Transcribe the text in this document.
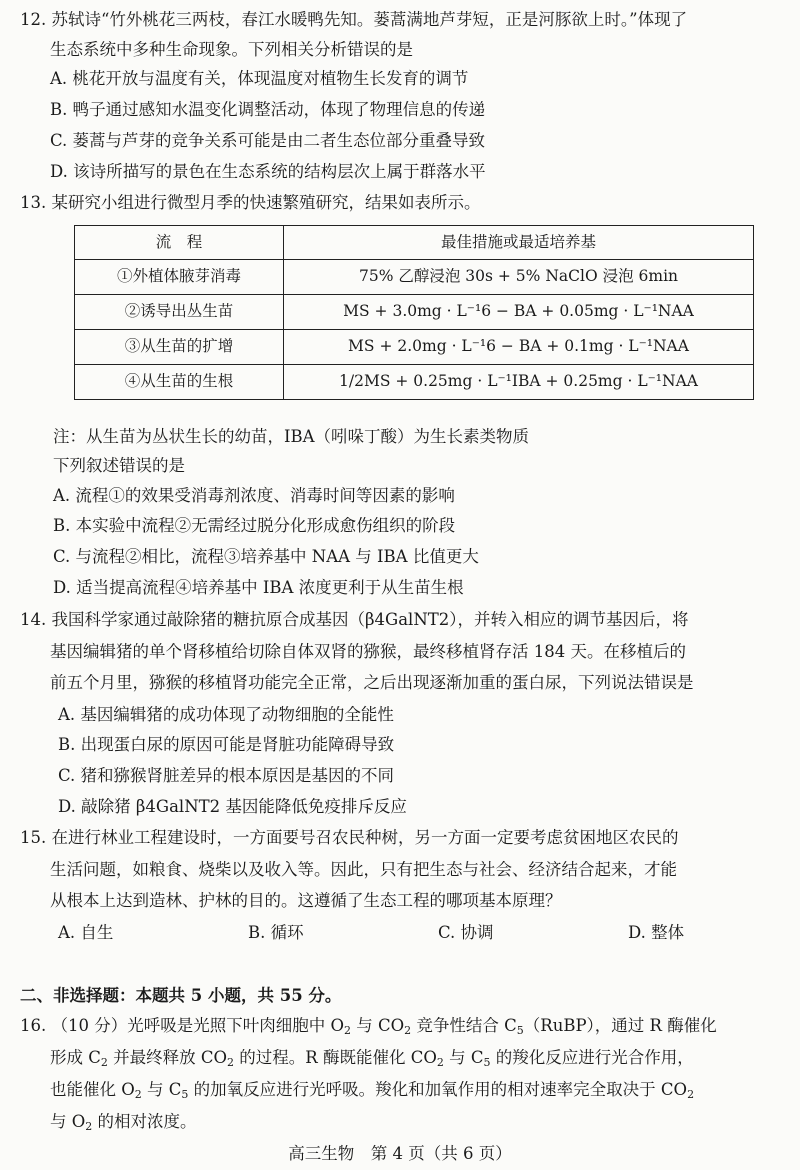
12. 苏轼诗“竹外桃花三两枝，春江水暖鸭先知。蒌蒿满地芦芽短，正是河豚欲上时。”体现了
生态系统中多种生命现象。下列相关分析错误的是
A. 桃花开放与温度有关，体现温度对植物生长发育的调节
B. 鸭子通过感知水温变化调整活动，体现了物理信息的传递
C. 蒌蒿与芦芽的竞争关系可能是由二者生态位部分重叠导致
D. 该诗所描写的景色在生态系统的结构层次上属于群落水平
13. 某研究小组进行微型月季的快速繁殖研究，结果如表所示。
流　程	最佳措施或最适培养基
①外植体腋芽消毒	75% 乙醇浸泡 30s + 5% NaClO 浸泡 6min
②诱导出丛生苗	MS + 3.0mg · L⁻¹6 − BA + 0.05mg · L⁻¹NAA
③从生苗的扩增	MS + 2.0mg · L⁻¹6 − BA + 0.1mg · L⁻¹NAA
④从生苗的生根	1/2MS + 0.25mg · L⁻¹IBA + 0.25mg · L⁻¹NAA
注：从生苗为丛状生长的幼苗，IBA（吲哚丁酸）为生长素类物质
下列叙述错误的是
A. 流程①的效果受消毒剂浓度、消毒时间等因素的影响
B. 本实验中流程②无需经过脱分化形成愈伤组织的阶段
C. 与流程②相比，流程③培养基中 NAA 与 IBA 比值更大
D. 适当提高流程④培养基中 IBA 浓度更利于从生苗生根
14. 我国科学家通过敲除猪的糖抗原合成基因（β4GalNT2），并转入相应的调节基因后，将
基因编辑猪的单个肾移植给切除自体双肾的猕猴，最终移植肾存活 184 天。在移植后的
前五个月里，猕猴的移植肾功能完全正常，之后出现逐渐加重的蛋白尿，下列说法错误是
A. 基因编辑猪的成功体现了动物细胞的全能性
B. 出现蛋白尿的原因可能是肾脏功能障碍导致
C. 猪和猕猴肾脏差异的根本原因是基因的不同
D. 敲除猪 β4GalNT2 基因能降低免疫排斥反应
15. 在进行林业工程建设时，一方面要号召农民种树，另一方面一定要考虑贫困地区农民的
生活问题，如粮食、烧柴以及收入等。因此，只有把生态与社会、经济结合起来，才能
从根本上达到造林、护林的目的。这遵循了生态工程的哪项基本原理？
A. 自生	B. 循环	C. 协调	D. 整体
二、非选择题：本题共 5 小题，共 55 分。
16. （10 分）光呼吸是光照下叶肉细胞中 $O_2$ 与 $CO_2$ 竞争性结合 $C_5(RuBP)$，通过 R 酶催化
形成 $C_2$ 并最终释放 $CO_2$ 的过程。R 酶既能催化 $CO_2$ 与 $C_5$ 的羧化反应进行光合作用，
也能催化 $O_2$ 与 $C_5$ 的加氧反应进行光呼吸。羧化和加氧作用的相对速率完全取决于 $CO_2$
与 $O_2$ 的相对浓度。
高三生物　第 4 页（共 6 页）
